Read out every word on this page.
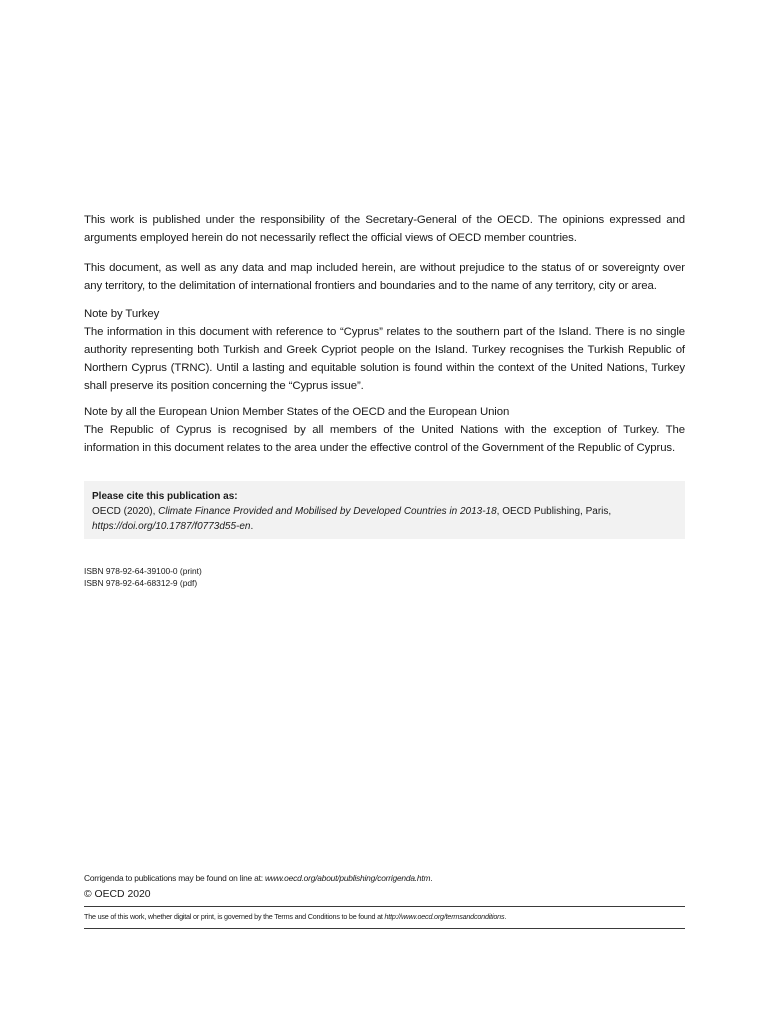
This work is published under the responsibility of the Secretary-General of the OECD. The opinions expressed and

arguments employed herein do not necessarily reflect the official views of OECD member countries.

This document, as well as any data and map included herein, are without prejudice to the status of or sovereignty over

any territory, to the delimitation of international frontiers and boundaries and to the name of any territory, city or area.

Note by Turkey

The information in this document with reference to “Cyprus” relates to the southern part of the Island. There is no single

authority representing both Turkish and Greek Cypriot people on the Island. Turkey recognises the Turkish Republic of

Northern Cyprus (TRNC). Until a lasting and equitable solution is found within the context of the United Nations, Turkey

shall preserve its position concerning the “Cyprus issue”.

Note by all the European Union Member States of the OECD and the European Union

The Republic of Cyprus is recognised by all members of the United Nations with the exception of Turkey. The

information in this document relates to the area under the effective control of the Government of the Republic of Cyprus.

Please cite this publication as:
OECD (2020), Climate Finance Provided and Mobilised by Developed Countries in 2013-18, OECD Publishing, Paris,
https://doi.org/10.1787/f0773d55-en.
ISBN 978-92-64-39100-0 (print)
ISBN 978-92-64-68312-9 (pdf)
Corrigenda to publications may be found on line at: www.oecd.org/about/publishing/corrigenda.htm.
© OECD 2020
The use of this work, whether digital or print, is governed by the Terms and Conditions to be found at http://www.oecd.org/termsandconditions.
